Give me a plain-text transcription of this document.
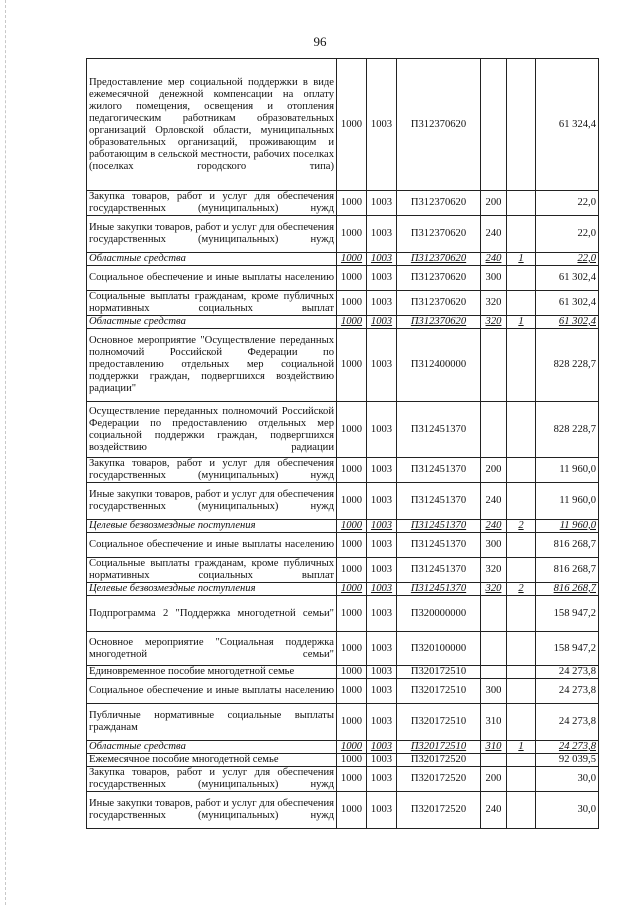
96
Предоставление мер социальной поддержки в виде ежемесячной денежной компенсации на оплату жилого помещения, освещения и отопления педагогическим работникам образовательных организаций Орловской области, муниципальных образовательных организаций, проживающим и работающим в сельской местности, рабочих поселках (поселках городского типа)	1000	1003	П312370620			61 324,4
Закупка товаров, работ и услуг для обеспечения государственных (муниципальных) нужд	1000	1003	П312370620	200		22,0
Иные закупки товаров, работ и услуг для обеспечения государственных (муниципальных) нужд	1000	1003	П312370620	240		22,0
Областные средства	1000	1003	П312370620	240	1	22,0
Социальное обеспечение и иные выплаты населению	1000	1003	П312370620	300		61 302,4
Социальные выплаты гражданам, кроме публичных нормативных социальных выплат	1000	1003	П312370620	320		61 302,4
Областные средства	1000	1003	П312370620	320	1	61 302,4
Основное мероприятие "Осуществление переданных полномочий Российской Федерации по предоставлению отдельных мер социальной поддержки граждан, подвергшихся воздействию радиации"	1000	1003	П312400000			828 228,7
Осуществление переданных полномочий Российской Федерации по предоставлению отдельных мер социальной поддержки граждан, подвергшихся воздействию радиации	1000	1003	П312451370			828 228,7
Закупка товаров, работ и услуг для обеспечения государственных (муниципальных) нужд	1000	1003	П312451370	200		11 960,0
Иные закупки товаров, работ и услуг для обеспечения государственных (муниципальных) нужд	1000	1003	П312451370	240		11 960,0
Целевые безвозмездные поступления	1000	1003	П312451370	240	2	11 960,0
Социальное обеспечение и иные выплаты населению	1000	1003	П312451370	300		816 268,7
Социальные выплаты гражданам, кроме публичных нормативных социальных выплат	1000	1003	П312451370	320		816 268,7
Целевые безвозмездные поступления	1000	1003	П312451370	320	2	816 268,7
Подпрограмма 2 "Поддержка многодетной семьи"	1000	1003	П320000000			158 947,2
Основное мероприятие "Социальная поддержка многодетной семьи"	1000	1003	П320100000			158 947,2
Единовременное пособие многодетной семье	1000	1003	П320172510			24 273,8
Социальное обеспечение и иные выплаты населению	1000	1003	П320172510	300		24 273,8
Публичные нормативные социальные выплаты гражданам	1000	1003	П320172510	310		24 273,8
Областные средства	1000	1003	П320172510	310	1	24 273,8
Ежемесячное пособие многодетной семье	1000	1003	П320172520			92 039,5
Закупка товаров, работ и услуг для обеспечения государственных (муниципальных) нужд	1000	1003	П320172520	200		30,0
Иные закупки товаров, работ и услуг для обеспечения государственных (муниципальных) нужд	1000	1003	П320172520	240		30,0
